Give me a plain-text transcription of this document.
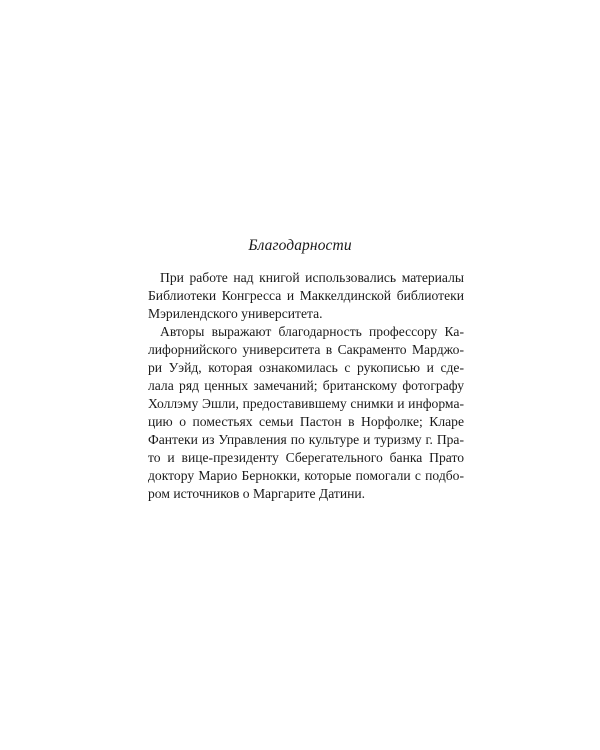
Благодарности
При работе над книгой использовались материалы
Библиотеки Конгресса и Маккелдинской библиотеки
Мэрилендского университета.
Авторы выражают благодарность профессору Ка-
лифорнийского университета в Сакраменто Марджо-
ри Уэйд, которая ознакомилась с рукописью и сде-
лала ряд ценных замечаний; британскому фотографу
Холлэму Эшли, предоставившему снимки и информа-
цию о поместьях семьи Пастон в Норфолке; Кларе
Фантеки из Управления по культуре и туризму г. Пра-
то и вице-президенту Сберегательного банка Прато
доктору Марио Бернокки, которые помогали с подбо-
ром источников о Маргарите Датини.
